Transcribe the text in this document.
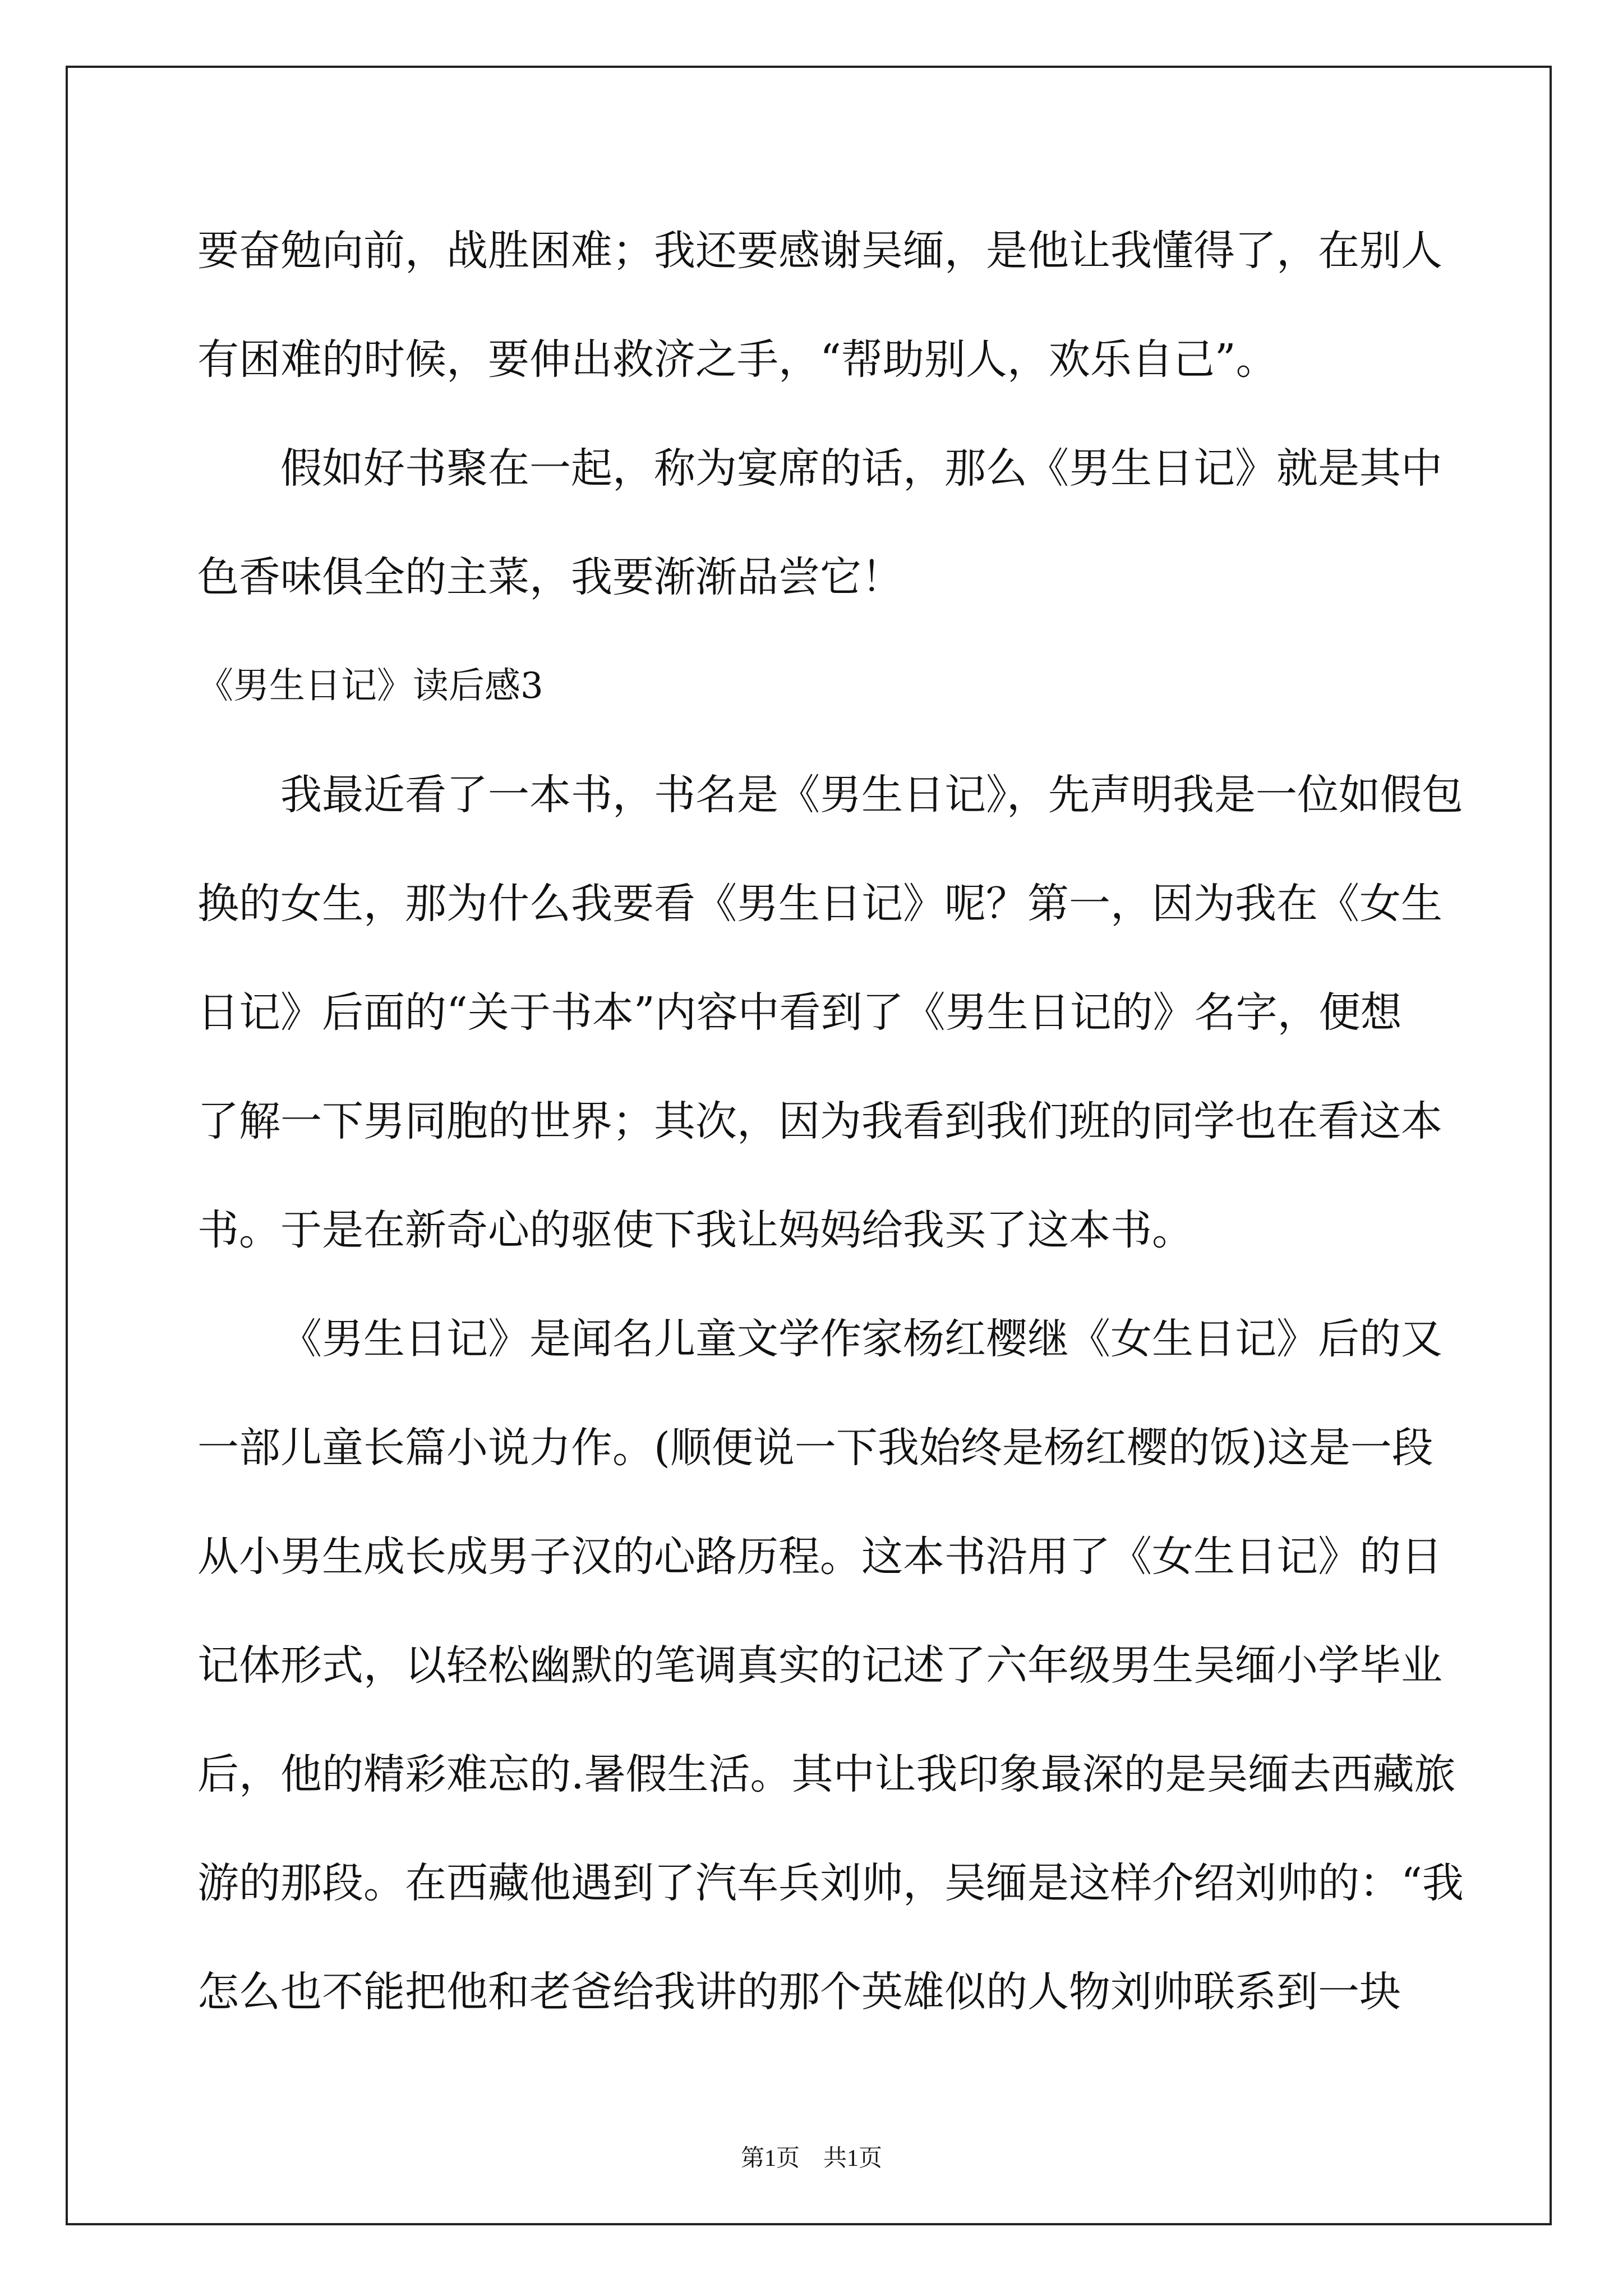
要奋勉向前，战胜困难；我还要感谢吴缅，是他让我懂得了，在别人
有困难的时候，要伸出救济之手，“帮助别人，欢乐自己”。
假如好书聚在一起，称为宴席的话，那么《男生日记》就是其中
色香味俱全的主菜，我要渐渐品尝它！
《男生日记》读后感3
我最近看了一本书，书名是《男生日记》，先声明我是一位如假包
换的女生，那为什么我要看《男生日记》呢？第一，因为我在《女生
日记》后面的“关于书本”内容中看到了《男生日记的》名字，便想
了解一下男同胞的世界；其次，因为我看到我们班的同学也在看这本
书。于是在新奇心的驱使下我让妈妈给我买了这本书。
《男生日记》是闻名儿童文学作家杨红樱继《女生日记》后的又
一部儿童长篇小说力作。(顺便说一下我始终是杨红樱的饭)这是一段
从小男生成长成男子汉的心路历程。这本书沿用了《女生日记》的日
记体形式，以轻松幽默的笔调真实的记述了六年级男生吴缅小学毕业
后，他的精彩难忘的.暑假生活。其中让我印象最深的是吴缅去西藏旅
游的那段。在西藏他遇到了汽车兵刘帅，吴缅是这样介绍刘帅的：“我
怎么也不能把他和老爸给我讲的那个英雄似的人物刘帅联系到一块
第1页　共1页
